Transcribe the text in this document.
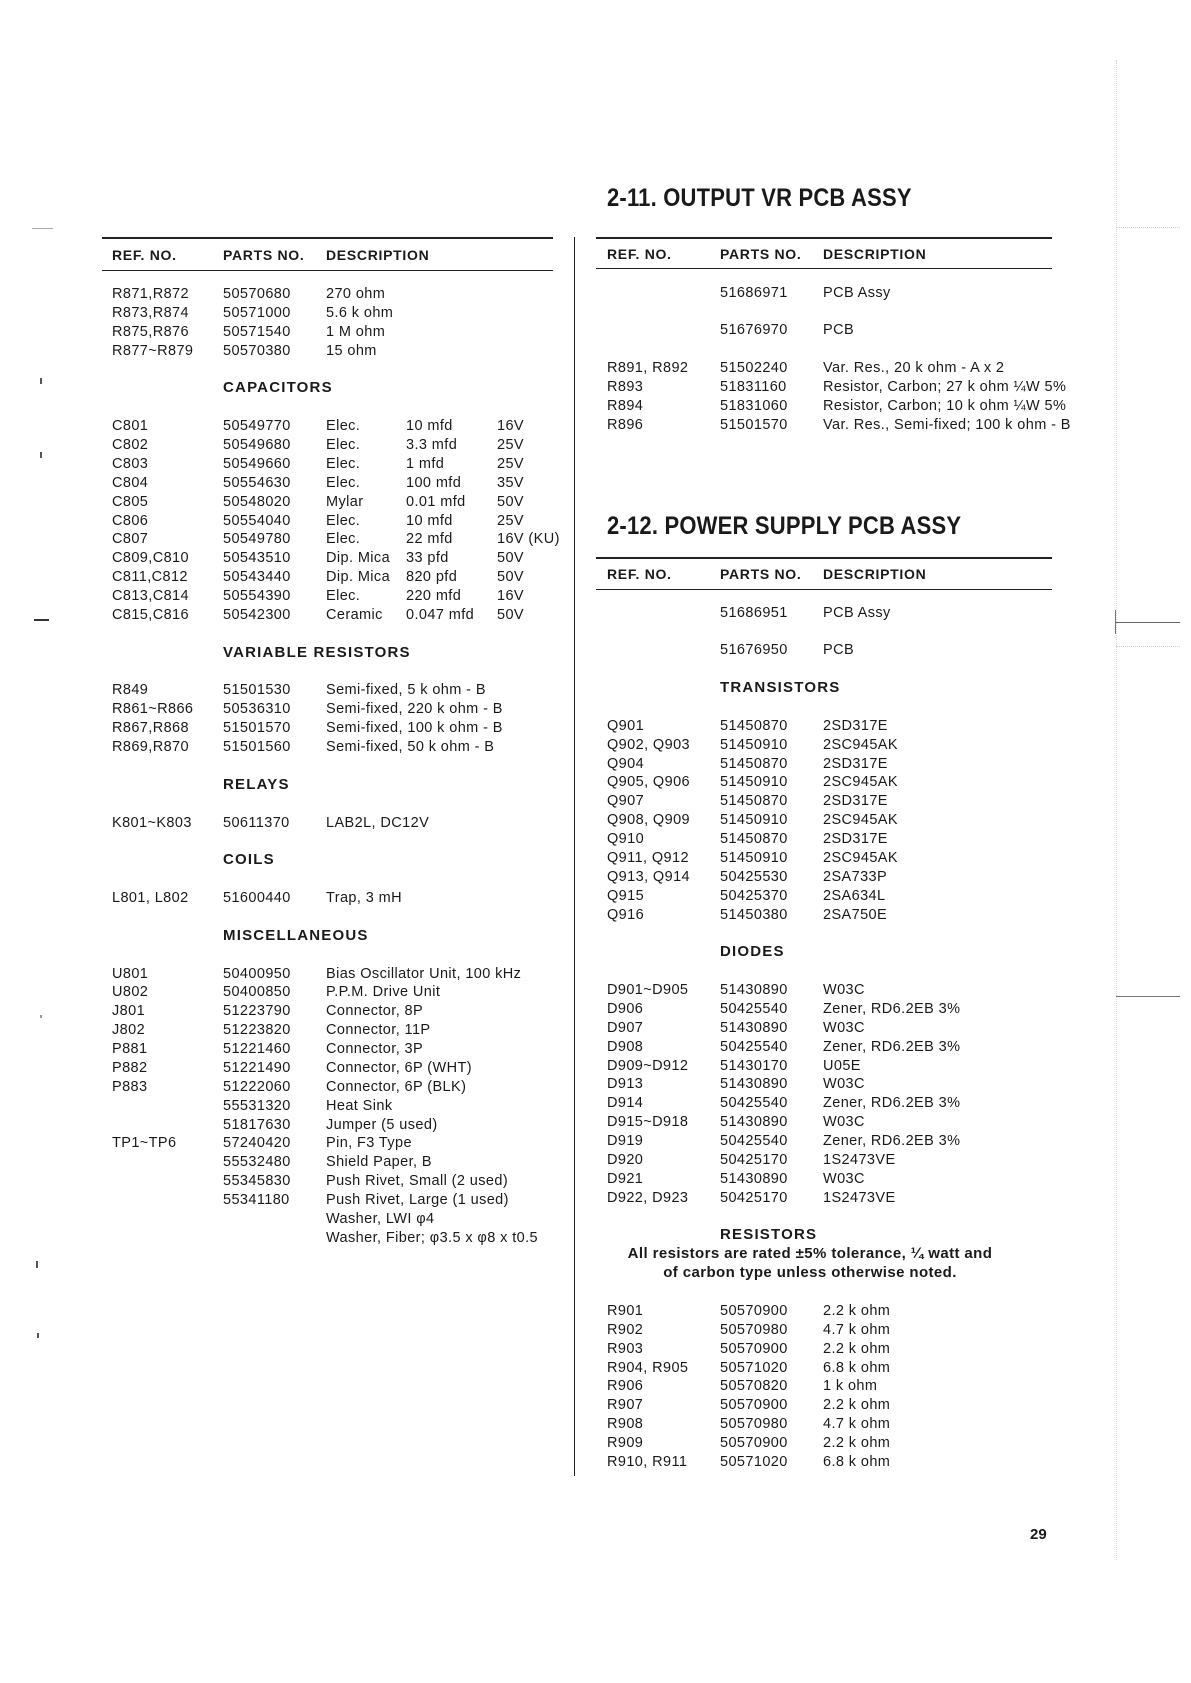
REF. NO.	PARTS NO. DESCRIPTION
R871,R872 50570680 270 ohm
R873,R874 50571000 5.6 k ohm
R875,R876 50571540 1 M ohm
R877~R879 50570380 15 ohm
CAPACITORS
C801	50549770 Elec.	10 mfd	16V
C802	50549680 Elec.	3.3 mfd	25V
C803	50549660 Elec.	1 mfd	25V
C804	50554630 Elec.	100 mfd 35V
C805	50548020 Mylar	0.01 mfd 50V
C806	50554040 Elec.	10 mfd	25V
C807	50549780 Elec.	22 mfd	16V (KU)
C809,C810 50543510 Dip. Mica 33 pfd	50V
C811,C812 50543440 Dip. Mica 820 pfd	50V
C813,C814 50554390 Elec.	220 mfd 16V
C815,C816 50542300 Ceramic 0.047 mfd 50V
VARIABLE RESISTORS
R849	51501530 Semi-fixed, 5 k ohm - B
R861~R866 50536310 Semi-fixed, 220 k ohm - B
R867,R868 51501570 Semi-fixed, 100 k ohm - B
R869,R870 51501560 Semi-fixed, 50 k ohm - B
RELAYS
K801~K803 50611370	LAB2L, DC12V
COILS
L801, L802 51600440 Trap, 3 mH
MISCELLANEOUS
U801	50400950 Bias Oscillator Unit, 100 kHz
U802	50400850 P.P.M. Drive Unit
J801	51223790 Connector, 8P
J802	51223820 Connector, 11P
P881	51221460 Connector, 3P
P882	51221490 Connector, 6P (WHT)
P883	51222060 Connector, 6P (BLK)
55531320 Heat Sink
51817630 Jumper (5 used)
TP1~TP6	57240420 Pin, F3 Type
55532480 Shield Paper, B
55345830 Push Rivet, Small (2 used)
55341180	Push Rivet, Large (1 used)
Washer, LWI φ4
Washer, Fiber; φ3.5 x φ8 x t0.5
2-11. OUTPUT VR PCB ASSY
REF. NO.	PARTS NO. DESCRIPTION
51686971 PCB Assy
51676970 PCB
R891, R892 51502240 Var. Res., 20 k ohm - A x 2
R893	51831160	Resistor, Carbon; 27 k ohm ¼W 5%
R894	51831060 Resistor, Carbon; 10 k ohm ¼W 5%
R896	51501570 Var. Res., Semi-fixed; 100 k ohm - B
2-12. POWER SUPPLY PCB ASSY
REF. NO.	PARTS NO. DESCRIPTION
51686951 PCB Assy
51676950 PCB
TRANSISTORS
Q901	51450870 2SD317E
Q902, Q903 51450910 2SC945AK
Q904	51450870 2SD317E
Q905, Q906 51450910 2SC945AK
Q907	51450870 2SD317E
Q908, Q909 51450910 2SC945AK
Q910	51450870 2SD317E
Q911, Q912 51450910 2SC945AK
Q913, Q914 50425530 2SA733P
Q915	50425370 2SA634L
Q916	51450380 2SA750E
DIODES
D901~D905 51430890 W03C
D906	50425540 Zener, RD6.2EB 3%
D907	51430890 W03C
D908	50425540 Zener, RD6.2EB 3%
D909~D912 51430170 U05E
D913	51430890 W03C
D914	50425540 Zener, RD6.2EB 3%
D915~D918 51430890 W03C
D919	50425540 Zener, RD6.2EB 3%
D920	50425170 1S2473VE
D921	51430890 W03C
D922, D923 50425170 1S2473VE
RESISTORS
All resistors are rated ±5% tolerance, ¼ watt and
of carbon type unless otherwise noted.
R901	50570900 2.2 k ohm
R902	50570980 4.7 k ohm
R903	50570900 2.2 k ohm
R904, R905 50571020 6.8 k ohm
R906	50570820 1 k ohm
R907	50570900 2.2 k ohm
R908	50570980 4.7 k ohm
R909	50570900 2.2 k ohm
R910, R911 50571020 6.8 k ohm
29
